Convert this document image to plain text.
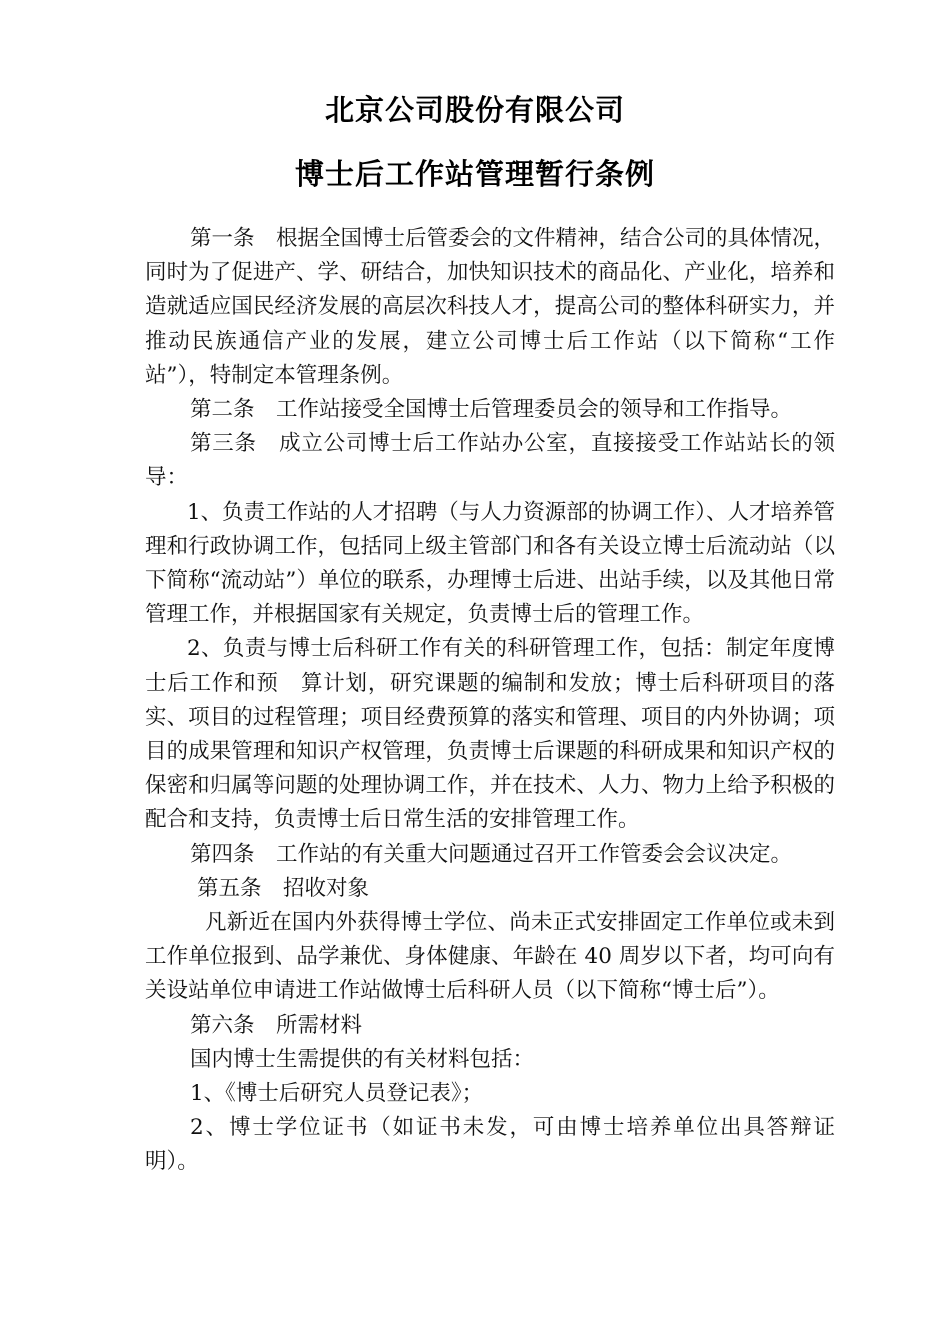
北京公司股份有限公司
博士后工作站管理暂行条例

第一条　根据全国博士后管委会的文件精神，结合公司的具体情况，同时为了促进产、学、研结合，加快知识技术的商品化、产业化，培养和造就适应国民经济发展的高层次科技人才，提高公司的整体科研实力，并推动民族通信产业的发展，建立公司博士后工作站（以下简称“工作站”），特制定本管理条例。

第二条　工作站接受全国博士后管理委员会的领导和工作指导。

第三条　成立公司博士后工作站办公室，直接接受工作站站长的领导：

1、负责工作站的人才招聘（与人力资源部的协调工作）、人才培养管理和行政协调工作，包括同上级主管部门和各有关设立博士后流动站（以下简称“流动站”）单位的联系，办理博士后进、出站手续，以及其他日常管理工作，并根据国家有关规定，负责博士后的管理工作。

2、负责与博士后科研工作有关的科研管理工作，包括：制定年度博士后工作和预　算计划，研究课题的编制和发放；博士后科研项目的落实、项目的过程管理；项目经费预算的落实和管理、项目的内外协调；项目的成果管理和知识产权管理，负责博士后课题的科研成果和知识产权的保密和归属等问题的处理协调工作，并在技术、人力、物力上给予积极的配合和支持，负责博士后日常生活的安排管理工作。

第四条　工作站的有关重大问题通过召开工作管委会会议决定。

第五条　招收对象

凡新近在国内外获得博士学位、尚未正式安排固定工作单位或未到工作单位报到、品学兼优、身体健康、年龄在 40 周岁以下者，均可向有关设站单位申请进工作站做博士后科研人员（以下简称“博士后”）。

第六条　所需材料

国内博士生需提供的有关材料包括：

1、《博士后研究人员登记表》；

2、博士学位证书（如证书未发，可由博士培养单位出具答辩证明）。
